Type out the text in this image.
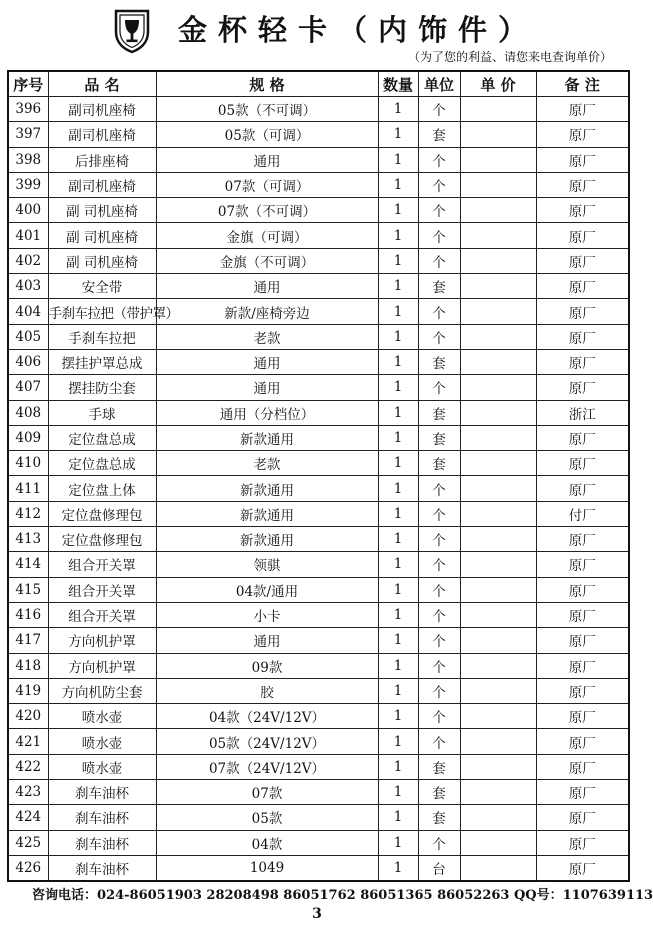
金杯轻卡（内饰件）
（为了您的利益、请您来电查询单价）
序号	品 名	规 格	数量	单位	单 价	备 注
396	副司机座椅	05款（不可调）	1	个		原厂
397	副司机座椅	05款（可调）	1	套		原厂
398	后排座椅	通用	1	个		原厂
399	副司机座椅	07款（可调）	1	个		原厂
400	副 司机座椅	07款（不可调）	1	个		原厂
401	副 司机座椅	金旗（可调）	1	个		原厂
402	副 司机座椅	金旗（不可调）	1	个		原厂
403	安全带	通用	1	套		原厂
404	手刹车拉把（带护罩）	新款/座椅旁边	1	个		原厂
405	手刹车拉把	老款	1	个		原厂
406	摆挂护罩总成	通用	1	套		原厂
407	摆挂防尘套	通用	1	个		原厂
408	手球	通用（分档位）	1	套		浙江
409	定位盘总成	新款通用	1	套		原厂
410	定位盘总成	老款	1	套		原厂
411	定位盘上体	新款通用	1	个		原厂
412	定位盘修理包	新款通用	1	个		付厂
413	定位盘修理包	新款通用	1	个		原厂
414	组合开关罩	领骐	1	个		原厂
415	组合开关罩	04款/通用	1	个		原厂
416	组合开关罩	小卡	1	个		原厂
417	方向机护罩	通用	1	个		原厂
418	方向机护罩	09款	1	个		原厂
419	方向机防尘套	胶	1	个		原厂
420	喷水壶	04款（24V/12V）	1	个		原厂
421	喷水壶	05款（24V/12V）	1	个		原厂
422	喷水壶	07款（24V/12V）	1	套		原厂
423	刹车油杯	07款	1	套		原厂
424	刹车油杯	05款	1	套		原厂
425	刹车油杯	04款	1	个		原厂
426	刹车油杯	1049	1	台		原厂
咨询电话：024-86051903 28208498 86051762 86051365 86052263 QQ号：1107639113
3
